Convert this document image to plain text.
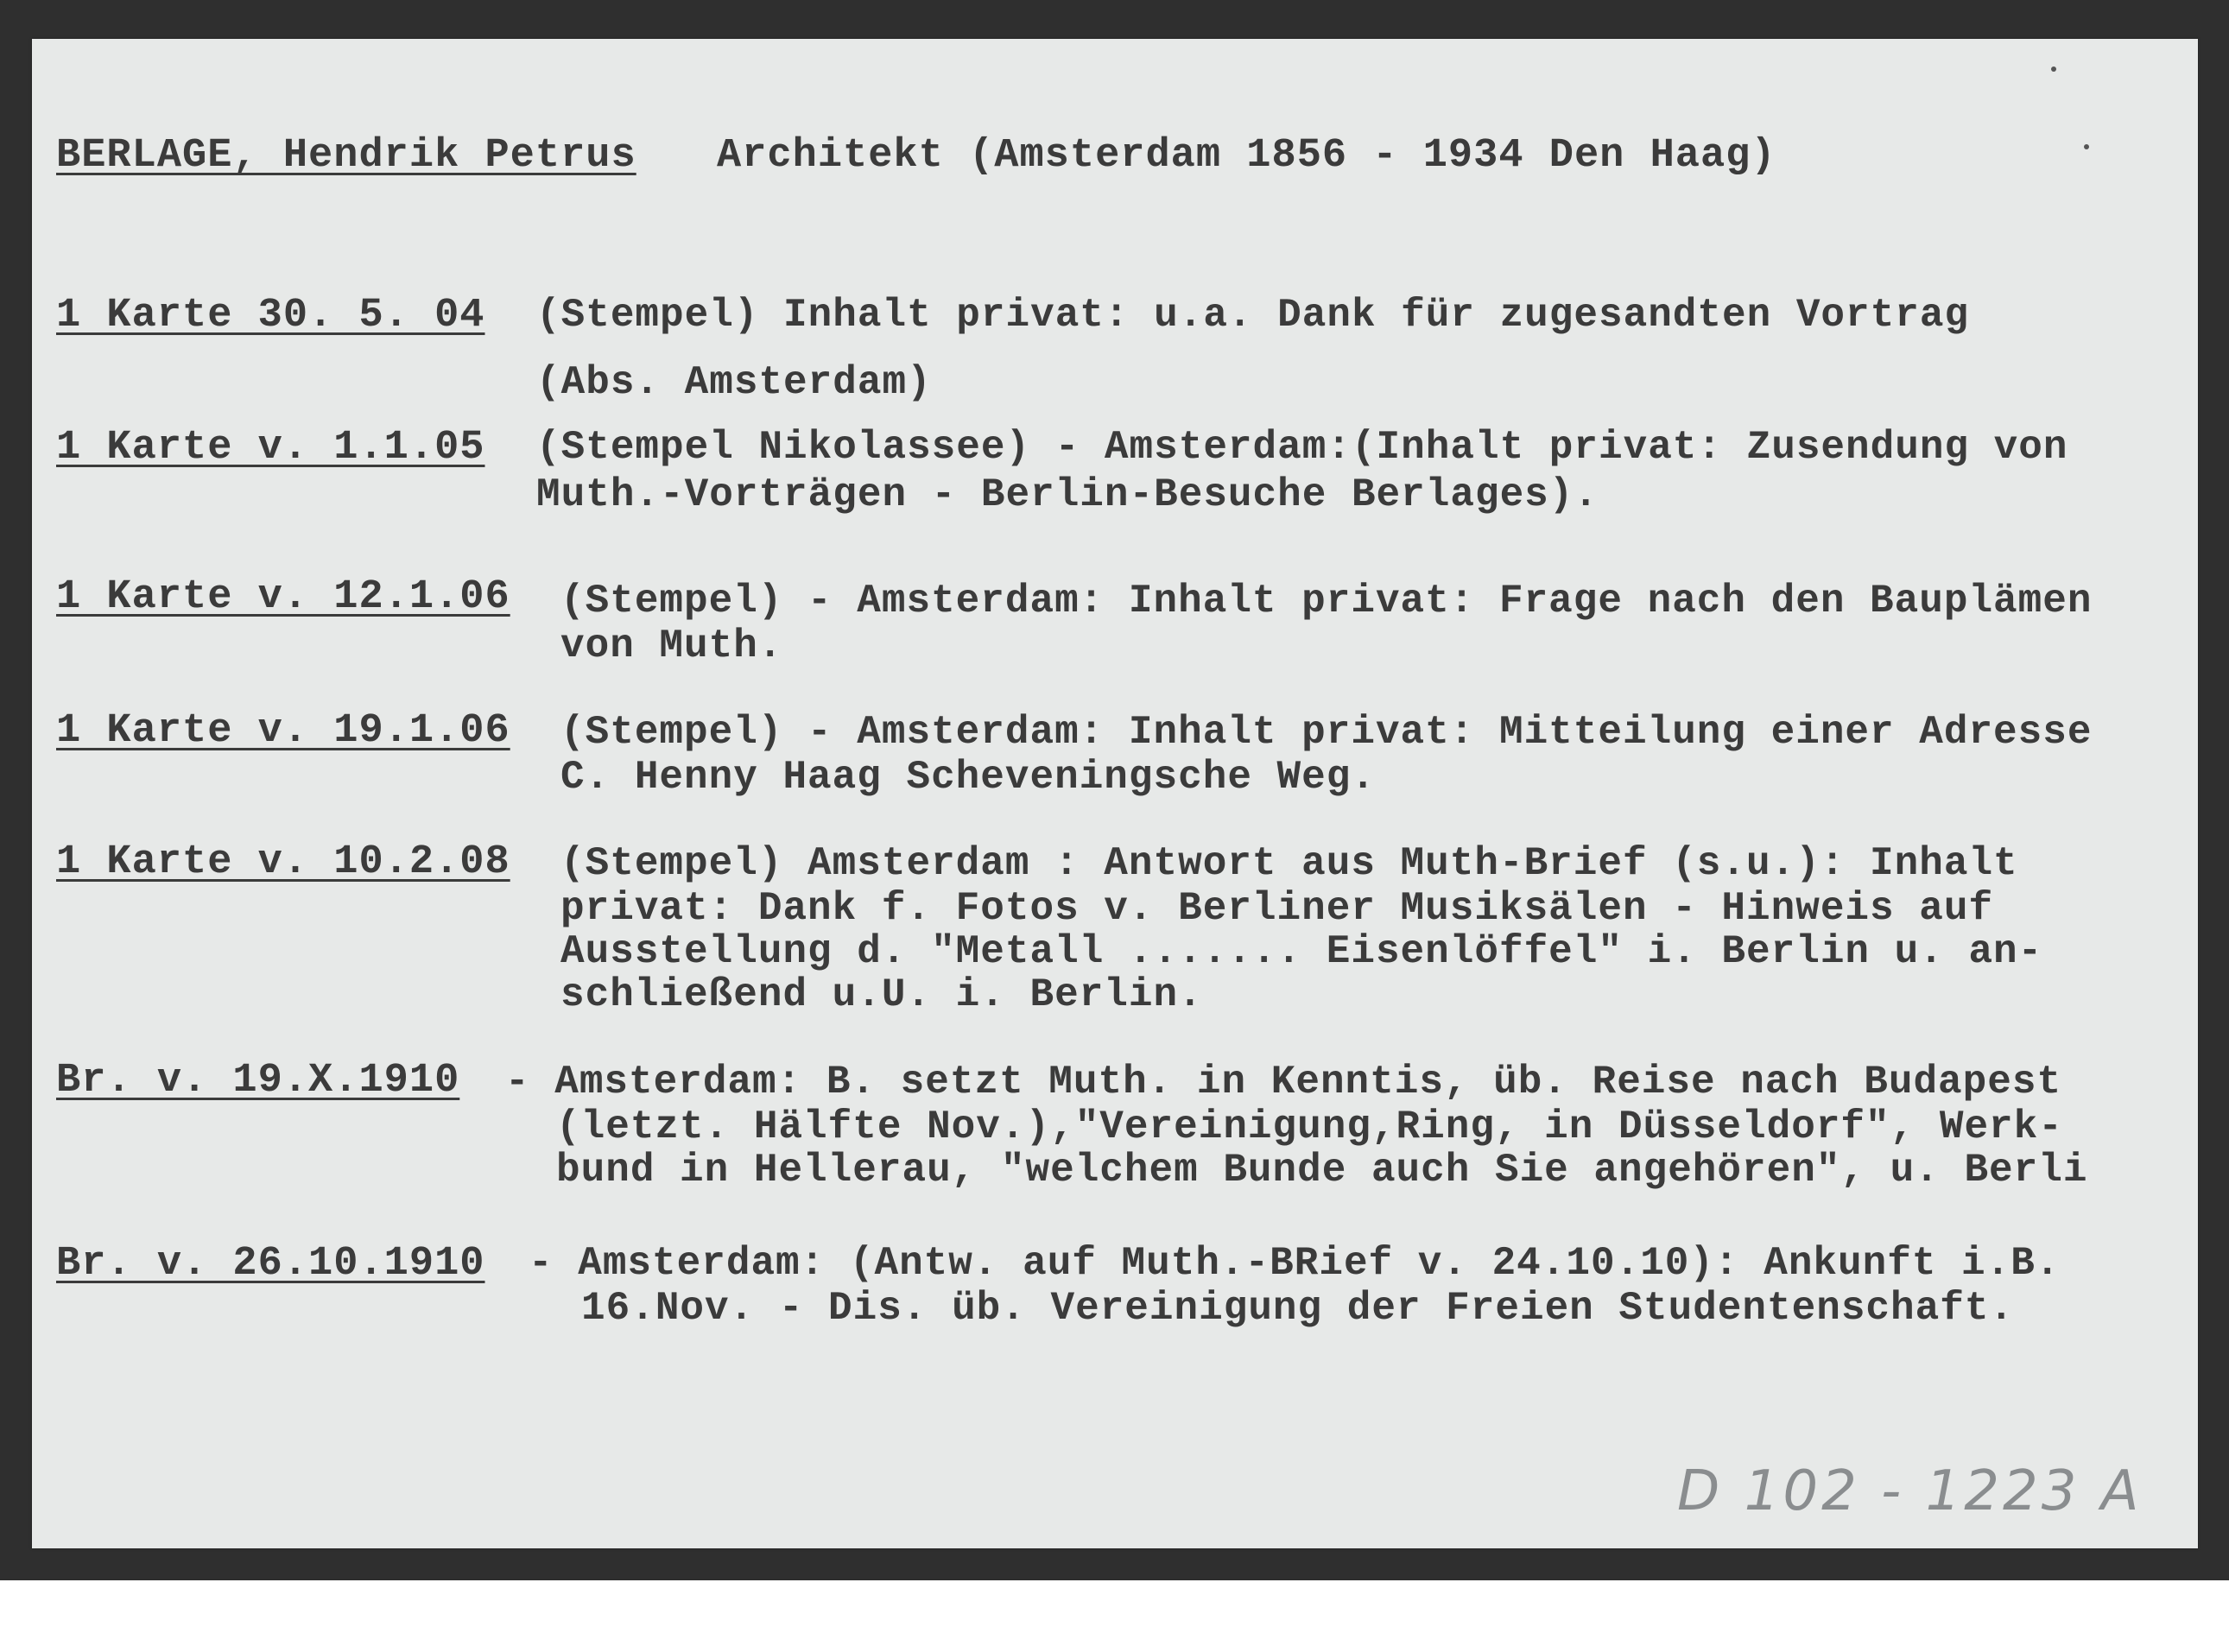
BERLAGE, Hendrik Petrus Architekt (Amsterdam 1856 - 1934 Den Haag)
1 Karte 30. 5. 04 (Stempel) Inhalt privat: u.a. Dank für zugesandten Vortrag
(Abs. Amsterdam)
1 Karte v. 1.1.05 (Stempel Nikolassee) - Amsterdam:(Inhalt privat: Zusendung von
Muth.-Vorträgen - Berlin-Besuche Berlages).
1 Karte v. 12.1.06 (Stempel) - Amsterdam: Inhalt privat: Frage nach den Bauplämen
von Muth.
1 Karte v. 19.1.06 (Stempel) - Amsterdam: Inhalt privat: Mitteilung einer Adresse
C. Henny Haag Scheveningsche Weg.
1 Karte v. 10.2.08 (Stempel) Amsterdam : Antwort aus Muth-Brief (s.u.): Inhalt
privat: Dank f. Fotos v. Berliner Musiksälen - Hinweis auf
Ausstellung d. "Metall ....... Eisenlöffel" i. Berlin u. an-
schließend u.U. i. Berlin.
Br. v. 19.X.1910 - Amsterdam: B. setzt Muth. in Kenntis, üb. Reise nach Budapest
(letzt. Hälfte Nov.),"Vereinigung,Ring, in Düsseldorf", Werk-
bund in Hellerau, "welchem Bunde auch Sie angehören", u. Berli
Br. v. 26.10.1910 - Amsterdam: (Antw. auf Muth.-BRief v. 24.10.10): Ankunft i.B.
16.Nov. - Dis. üb. Vereinigung der Freien Studentenschaft.
D 102 - 1223 A
